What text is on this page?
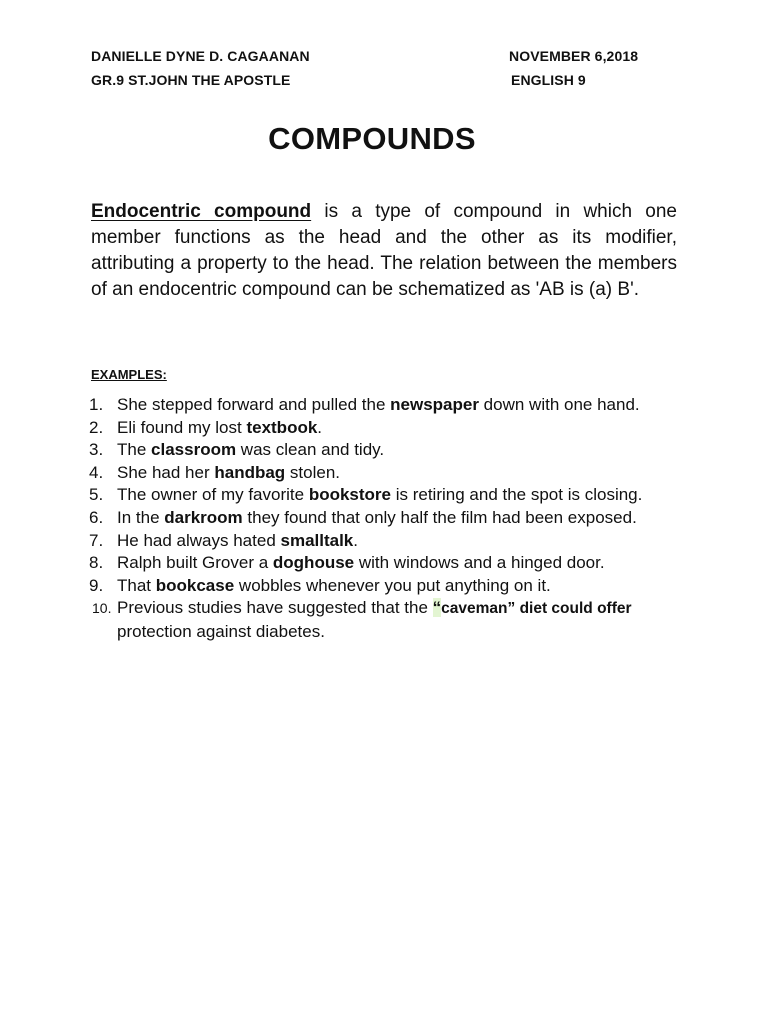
DANIELLE DYNE D. CAGAANAN	NOVEMBER 6,2018
GR.9 ST.JOHN THE APOSTLE	ENGLISH 9
COMPOUNDS
Endocentric compound is a type of compound in which one member functions as the head and the other as its modifier, attributing a property to the head. The relation between the members of an endocentric compound can be schematized as 'AB is (a) B'.
EXAMPLES:
1. She stepped forward and pulled the newspaper down with one hand.
2. Eli found my lost textbook.
3. The classroom was clean and tidy.
4. She had her handbag stolen.
5. The owner of my favorite bookstore is retiring and the spot is closing.
6. In the darkroom they found that only half the film had been exposed.
7. He had always hated smalltalk.
8. Ralph built Grover a doghouse with windows and a hinged door.
9. That bookcase wobbles whenever you put anything on it.
10. Previous studies have suggested that the “caveman” diet could offer
protection against diabetes.
